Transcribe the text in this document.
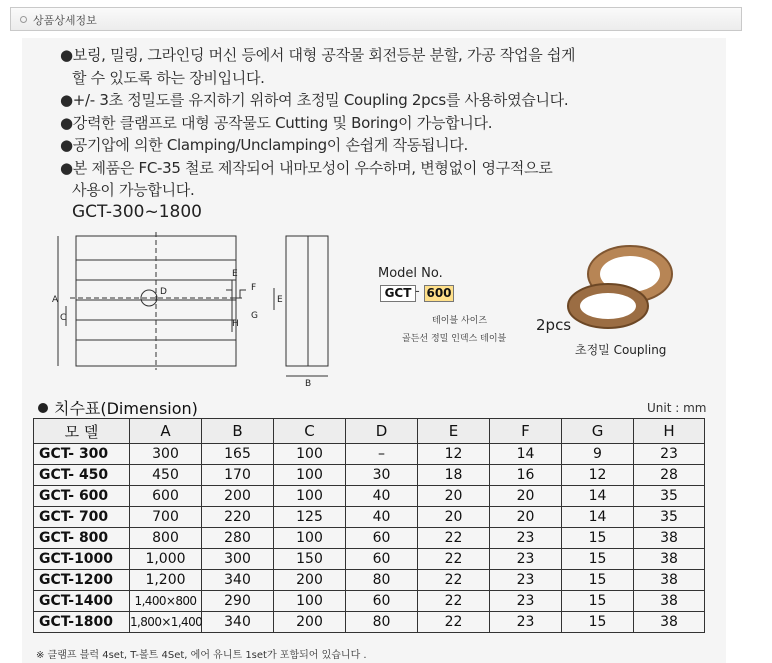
상품상세정보
●보링, 밀링, 그라인딩 머신 등에서 대형 공작물 회전등분 분할, 가공 작업을 쉽게
할 수 있도록 하는 장비입니다.
●+/- 3초 정밀도를 유지하기 위하여 초정밀 Coupling 2pcs를 사용하였습니다.
●강력한 클램프로 대형 공작물도 Cutting 및 Boring이 가능합니다.
●공기압에 의한 Clamping/Unclamping이 손쉽게 작동됩니다.
●본 제품은 FC-35 철로 제작되어 내마모성이 우수하며, 변형없이 영구적으로
사용이 가능합니다.
GCT-300~1800
A
C
D
E
F
G
H
E
B
Model No.
GCT - 600
테이블 사이즈
골든선 정밀 인덱스 테이블
2pcs
초정밀 Coupling
치수표(Dimension)	Unit : mm
모 델	A	B	C	D	E	F	G	H
GCT- 300	300	165	100	–	12	14	9	23
GCT- 450	450	170	100	30	18	16	12	28
GCT- 600	600	200	100	40	20	20	14	35
GCT- 700	700	220	125	40	20	20	14	35
GCT- 800	800	280	100	60	22	23	15	38
GCT-1000	1,000	300	150	60	22	23	15	38
GCT-1200	1,200	340	200	80	22	23	15	38
GCT-1400	1,400×800	290	100	60	22	23	15	38
GCT-1800	1,800×1,400	340	200	80	22	23	15	38
※ 클램프 블럭 4set, T-볼트 4Set, 에어 유니트 1set가 포함되어 있습니다 .
